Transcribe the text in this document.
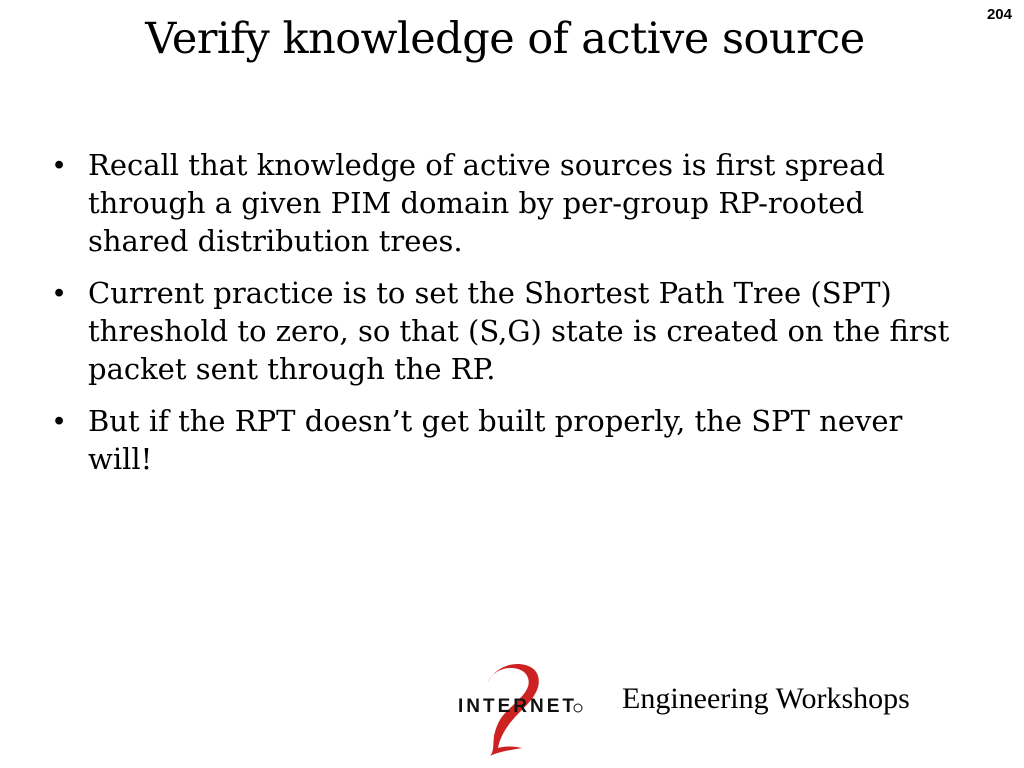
204
Verify knowledge of active source
• Recall that knowledge of active sources is first spread through a given PIM domain by per-group RP-rooted shared distribution trees.
• Current practice is to set the Shortest Path Tree (SPT) threshold to zero, so that (S,G) state is created on the first packet sent through the RP.
• But if the RPT doesn’t get built properly, the SPT never will!
INTERNET Engineering Workshops
